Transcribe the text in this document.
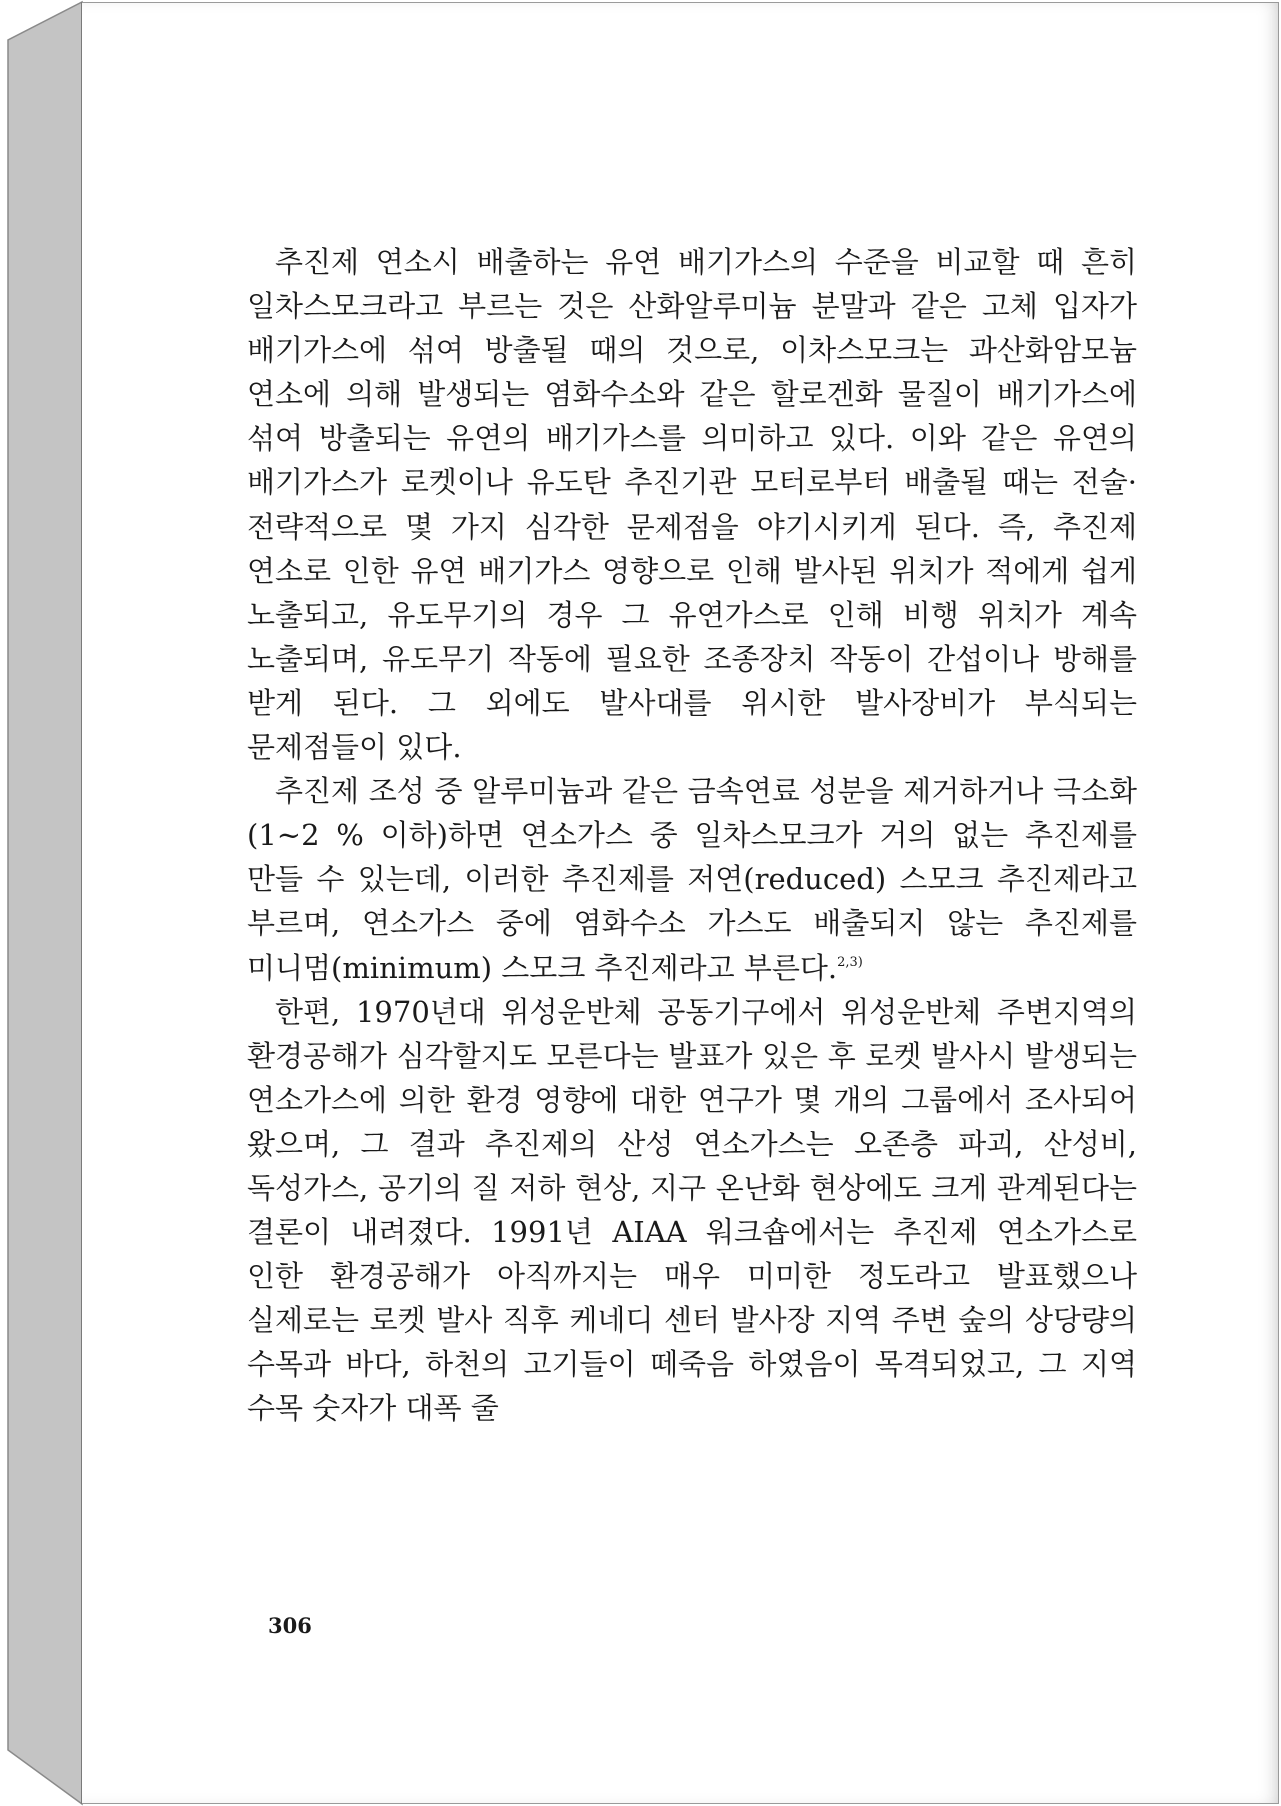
추진제 연소시 배출하는 유연 배기가스의 수준을 비교할 때 흔히 일차스모크라고 부르는 것은 산화알루미늄 분말과 같은 고체 입자가 배기가스에 섞여 방출될 때의 것으로, 이차스모크는 과산화암모늄 연소에 의해 발생되는 염화수소와 같은 할로겐화 물질이 배기가스에 섞여 방출되는 유연의 배기가스를 의미하고 있다. 이와 같은 유연의 배기가스가 로켓이나 유도탄 추진기관 모터로부터 배출될 때는 전술·전략적으로 몇 가지 심각한 문제점을 야기시키게 된다. 즉, 추진제 연소로 인한 유연 배기가스 영향으로 인해 발사된 위치가 적에게 쉽게 노출되고, 유도무기의 경우 그 유연가스로 인해 비행 위치가 계속 노출되며, 유도무기 작동에 필요한 조종장치 작동이 간섭이나 방해를 받게 된다. 그 외에도 발사대를 위시한 발사장비가 부식되는 문제점들이 있다.

추진제 조성 중 알루미늄과 같은 금속연료 성분을 제거하거나 극소화(1~2 % 이하)하면 연소가스 중 일차스모크가 거의 없는 추진제를 만들 수 있는데, 이러한 추진제를 저연(reduced) 스모크 추진제라고 부르며, 연소가스 중에 염화수소 가스도 배출되지 않는 추진제를 미니멈(minimum) 스모크 추진제라고 부른다.$^{2,3)}$

한편, 1970년대 위성운반체 공동기구에서 위성운반체 주변지역의 환경공해가 심각할지도 모른다는 발표가 있은 후 로켓 발사시 발생되는 연소가스에 의한 환경 영향에 대한 연구가 몇 개의 그룹에서 조사되어 왔으며, 그 결과 추진제의 산성 연소가스는 오존층 파괴, 산성비, 독성가스, 공기의 질 저하 현상, 지구 온난화 현상에도 크게 관계된다는 결론이 내려졌다. 1991년 AIAA 워크숍에서는 추진제 연소가스로 인한 환경공해가 아직까지는 매우 미미한 정도라고 발표했으나 실제로는 로켓 발사 직후 케네디 센터 발사장 지역 주변 숲의 상당량의 수목과 바다, 하천의 고기들이 떼죽음 하였음이 목격되었고, 그 지역 수목 숫자가 대폭 줄

306
